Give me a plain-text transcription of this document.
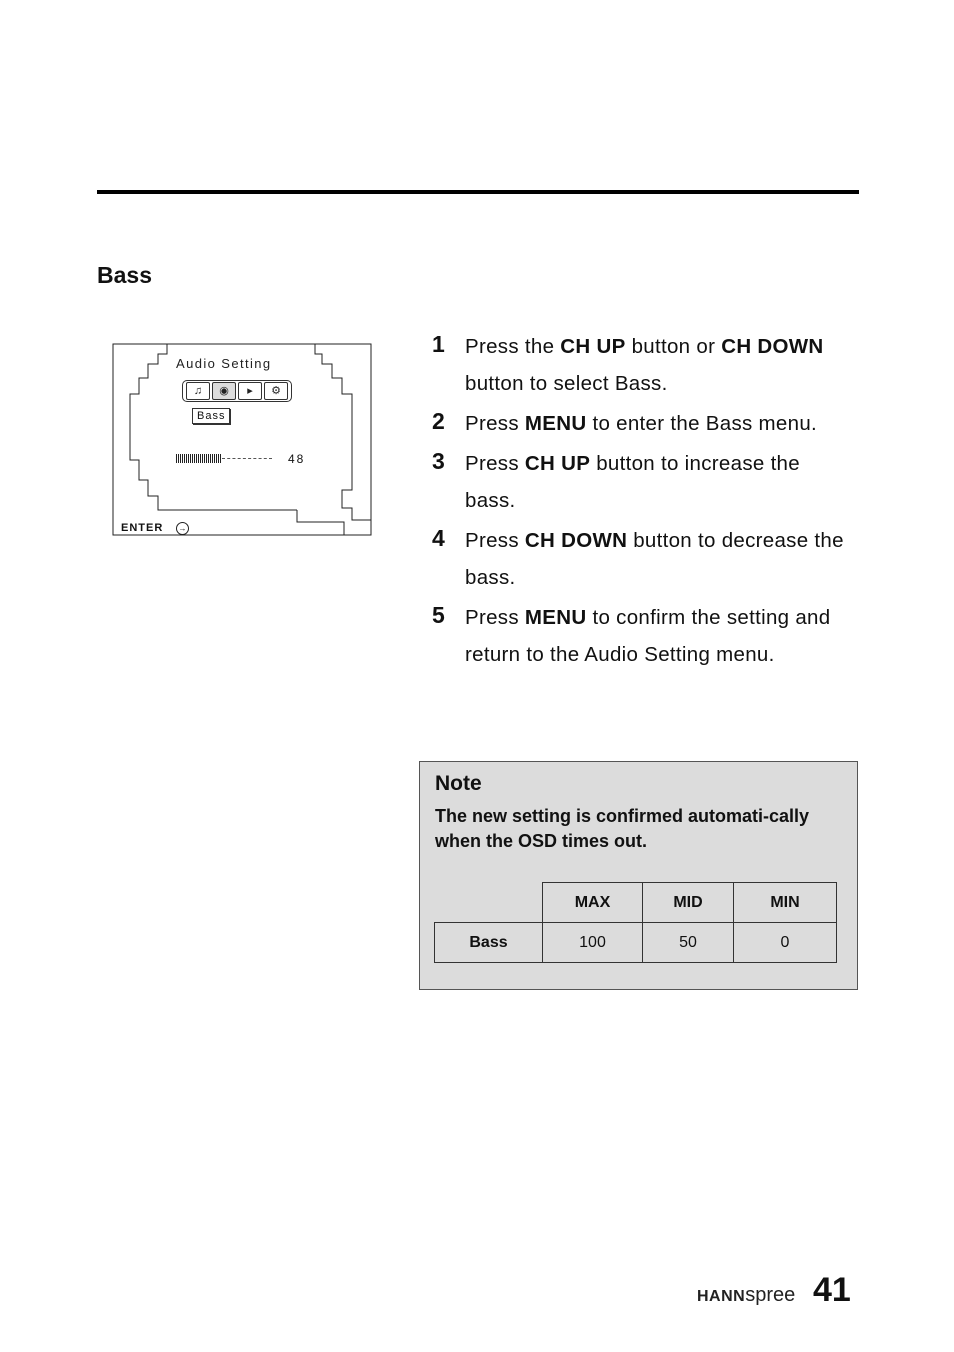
Bass
Audio Setting
♫	◉	▸	⚙
Bass
48
ENTER	→
1 Press the CH UP button or CH DOWN button to select Bass.
2 Press MENU to enter the Bass menu.
3 Press CH UP button to increase the bass.
4 Press CH DOWN button to decrease the bass.
5 Press MENU to confirm the setting and return to the Audio Setting menu.
Note
The new setting is confirmed automati-cally when the OSD times out.
	MAX	MID	MIN
Bass	100	50	0
HANNspree 41
